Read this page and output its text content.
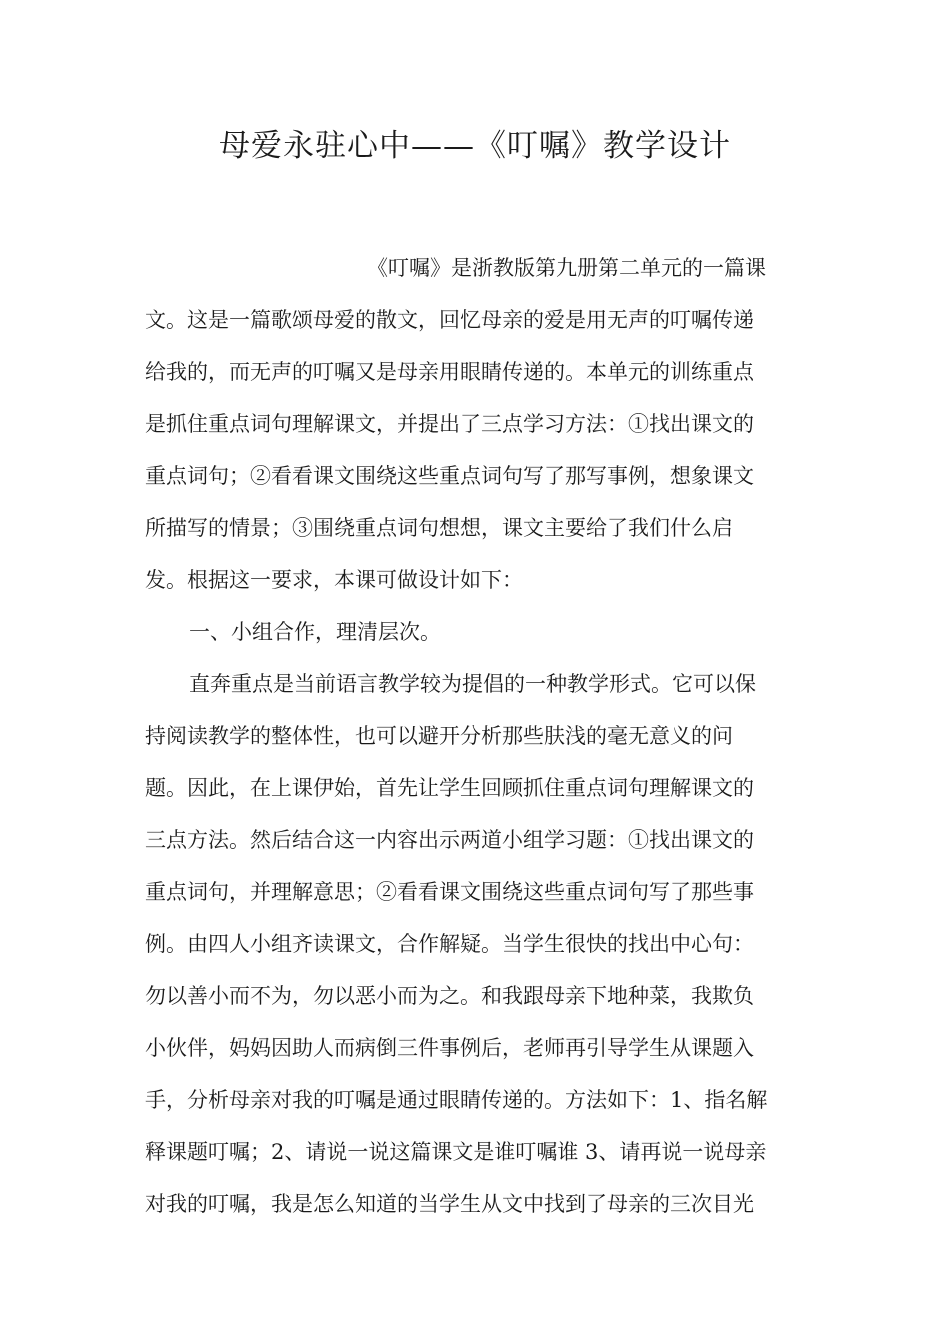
母爱永驻心中——《叮嘱》教学设计
《叮嘱》是浙教版第九册第二单元的一篇课
文。这是一篇歌颂母爱的散文，回忆母亲的爱是用无声的叮嘱传递
给我的，而无声的叮嘱又是母亲用眼睛传递的。本单元的训练重点
是抓住重点词句理解课文，并提出了三点学习方法：①找出课文的
重点词句；②看看课文围绕这些重点词句写了那写事例，想象课文
所描写的情景；③围绕重点词句想想，课文主要给了我们什么启
发。根据这一要求，本课可做设计如下：
一、小组合作，理清层次。
直奔重点是当前语言教学较为提倡的一种教学形式。它可以保
持阅读教学的整体性，也可以避开分析那些肤浅的毫无意义的问
题。因此，在上课伊始，首先让学生回顾抓住重点词句理解课文的
三点方法。然后结合这一内容出示两道小组学习题：①找出课文的
重点词句，并理解意思；②看看课文围绕这些重点词句写了那些事
例。由四人小组齐读课文，合作解疑。当学生很快的找出中心句：
勿以善小而不为，勿以恶小而为之。和我跟母亲下地种菜，我欺负
小伙伴，妈妈因助人而病倒三件事例后，老师再引导学生从课题入
手，分析母亲对我的叮嘱是通过眼睛传递的。方法如下：1、指名解
释课题叮嘱；2、请说一说这篇课文是谁叮嘱谁 3、请再说一说母亲
对我的叮嘱，我是怎么知道的当学生从文中找到了母亲的三次目光
